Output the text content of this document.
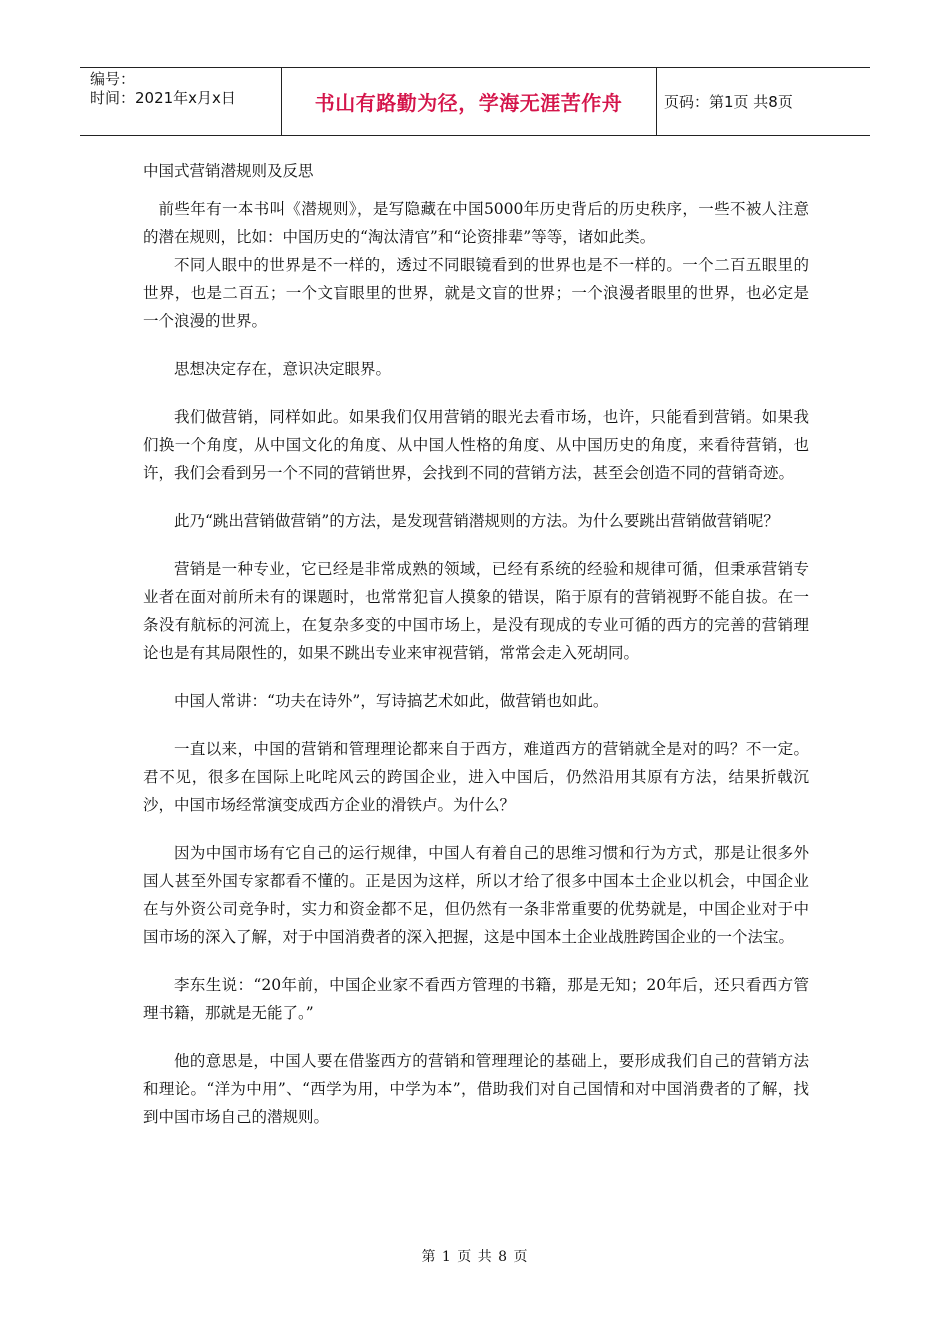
编号：
时间：2021年x月x日	书山有路勤为径，学海无涯苦作舟	页码：第1页 共8页

中国式营销潜规则及反思

前些年有一本书叫《潜规则》，是写隐藏在中国5000年历史背后的历史秩序，一些不被人注意的潜在规则，比如：中国历史的“淘汰清官”和“论资排辈”等等，诸如此类。

不同人眼中的世界是不一样的，透过不同眼镜看到的世界也是不一样的。一个二百五眼里的世界，也是二百五；一个文盲眼里的世界，就是文盲的世界；一个浪漫者眼里的世界，也必定是一个浪漫的世界。

思想决定存在，意识决定眼界。

我们做营销，同样如此。如果我们仅用营销的眼光去看市场，也许，只能看到营销。如果我们换一个角度，从中国文化的角度、从中国人性格的角度、从中国历史的角度，来看待营销，也许，我们会看到另一个不同的营销世界，会找到不同的营销方法，甚至会创造不同的营销奇迹。

此乃“跳出营销做营销”的方法，是发现营销潜规则的方法。为什么要跳出营销做营销呢？

营销是一种专业，它已经是非常成熟的领域，已经有系统的经验和规律可循，但秉承营销专业者在面对前所未有的课题时，也常常犯盲人摸象的错误，陷于原有的营销视野不能自拔。在一条没有航标的河流上，在复杂多变的中国市场上，是没有现成的专业可循的西方的完善的营销理论也是有其局限性的，如果不跳出专业来审视营销，常常会走入死胡同。

中国人常讲：“功夫在诗外”，写诗搞艺术如此，做营销也如此。

一直以来，中国的营销和管理理论都来自于西方，难道西方的营销就全是对的吗？不一定。君不见，很多在国际上叱咤风云的跨国企业，进入中国后，仍然沿用其原有方法，结果折戟沉沙，中国市场经常演变成西方企业的滑铁卢。为什么？

因为中国市场有它自己的运行规律，中国人有着自己的思维习惯和行为方式，那是让很多外国人甚至外国专家都看不懂的。正是因为这样，所以才给了很多中国本土企业以机会，中国企业在与外资公司竞争时，实力和资金都不足，但仍然有一条非常重要的优势就是，中国企业对于中国市场的深入了解，对于中国消费者的深入把握，这是中国本土企业战胜跨国企业的一个法宝。

李东生说：“20年前，中国企业家不看西方管理的书籍，那是无知；20年后，还只看西方管理书籍，那就是无能了。”

他的意思是，中国人要在借鉴西方的营销和管理理论的基础上，要形成我们自己的营销方法和理论。“洋为中用”、“西学为用，中学为本”，借助我们对自己国情和对中国消费者的了解，找到中国市场自己的潜规则。

第 1 页 共 8 页
